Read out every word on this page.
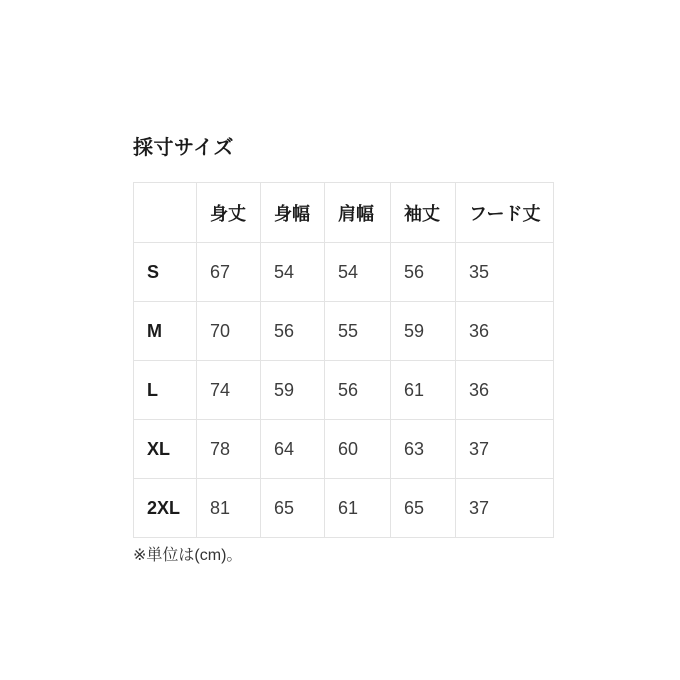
採寸サイズ
	身丈	身幅	肩幅	袖丈	フード丈
S	67	54	54	56	35
M	70	56	55	59	36
L	74	59	56	61	36
XL	78	64	60	63	37
2XL	81	65	61	65	37

※単位は(cm)。
